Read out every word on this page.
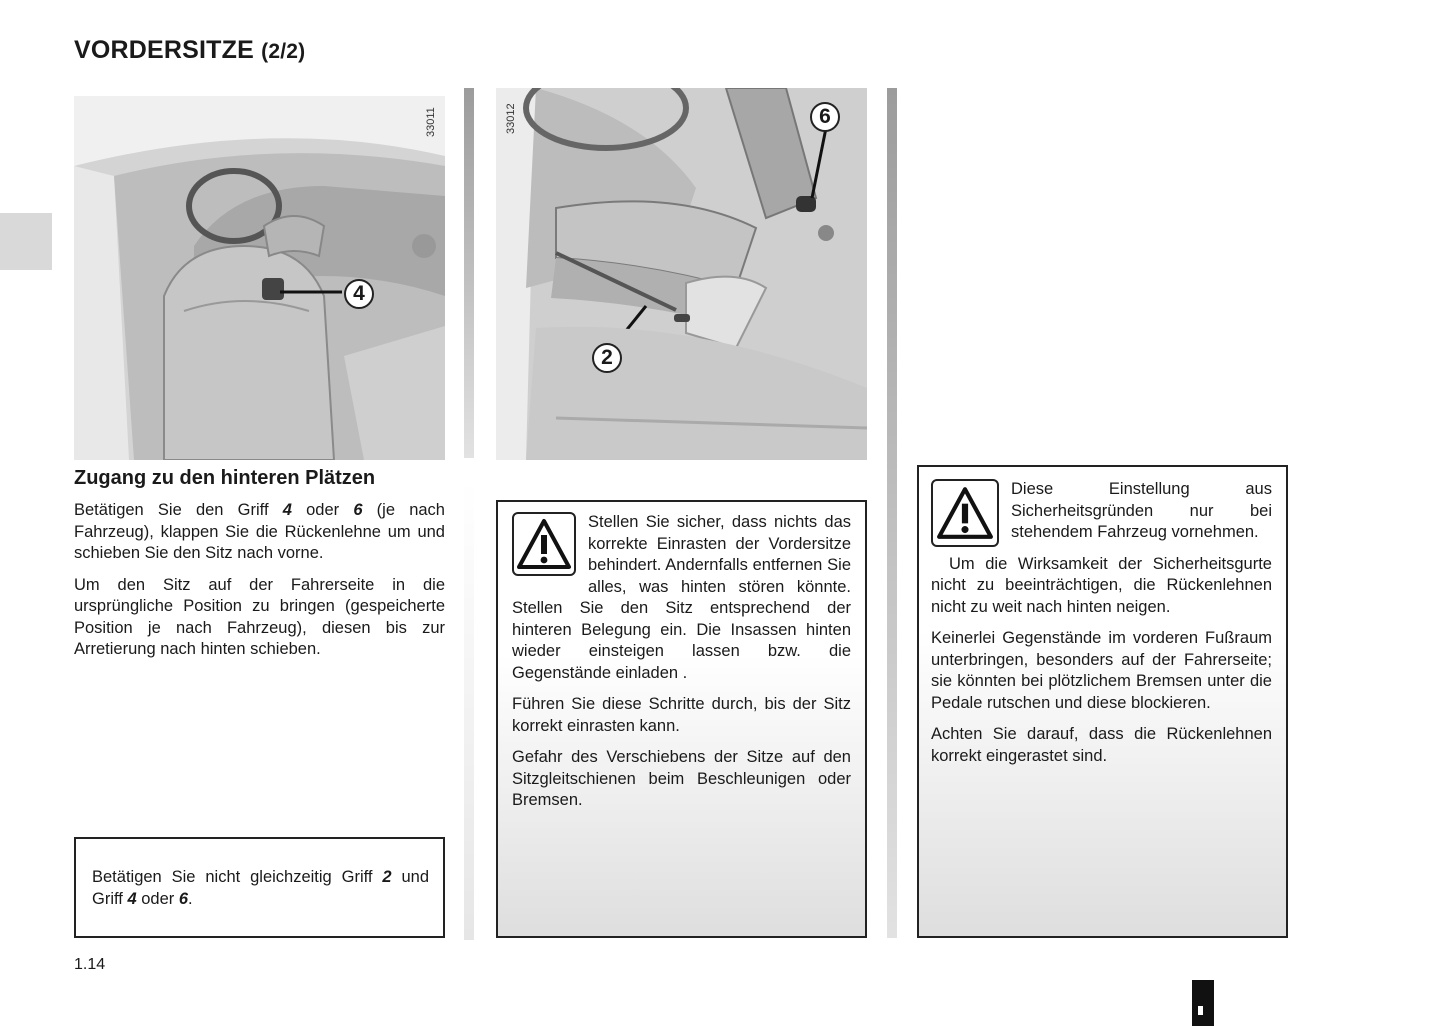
VORDERSITZE (2/2)
4
33011	6
2
33012
Zugang zu den hinteren Plätzen

Betätigen Sie den Griff 4 oder 6 (je nach Fahrzeug), klappen Sie die Rückenlehne um und schieben Sie den Sitz nach vorne.

Um den Sitz auf der Fahrerseite in die ursprüngliche Position zu bringen (gespeicherte Position je nach Fahrzeug), diesen bis zur Arretierung nach hinten schieben.

Betätigen Sie nicht gleichzeitig Griff 2 und Griff 4 oder 6.

Stellen Sie sicher, dass nichts das korrekte Einrasten der Vordersitze behindert. Andernfalls entfernen Sie alles, was hinten stören könnte. Stellen Sie den Sitz entsprechend der hinteren Belegung ein. Die Insassen hinten wieder einsteigen lassen bzw. die Gegenstände einladen .

Führen Sie diese Schritte durch, bis der Sitz korrekt einrasten kann.

Gefahr des Verschiebens der Sitze auf den Sitzgleitschienen beim Beschleunigen oder Bremsen.

Diese Einstellung aus Sicherheitsgründen nur bei stehendem Fahrzeug vornehmen.

Um die Wirksamkeit der Sicherheitsgurte nicht zu beeinträchtigen, die Rückenlehnen nicht zu weit nach hinten neigen.

Keinerlei Gegenstände im vorderen Fußraum unterbringen, besonders auf der Fahrerseite; sie könnten bei plötzlichem Bremsen unter die Pedale rutschen und diese blockieren.

Achten Sie darauf, dass die Rückenlehnen korrekt eingerastet sind.

1.14
